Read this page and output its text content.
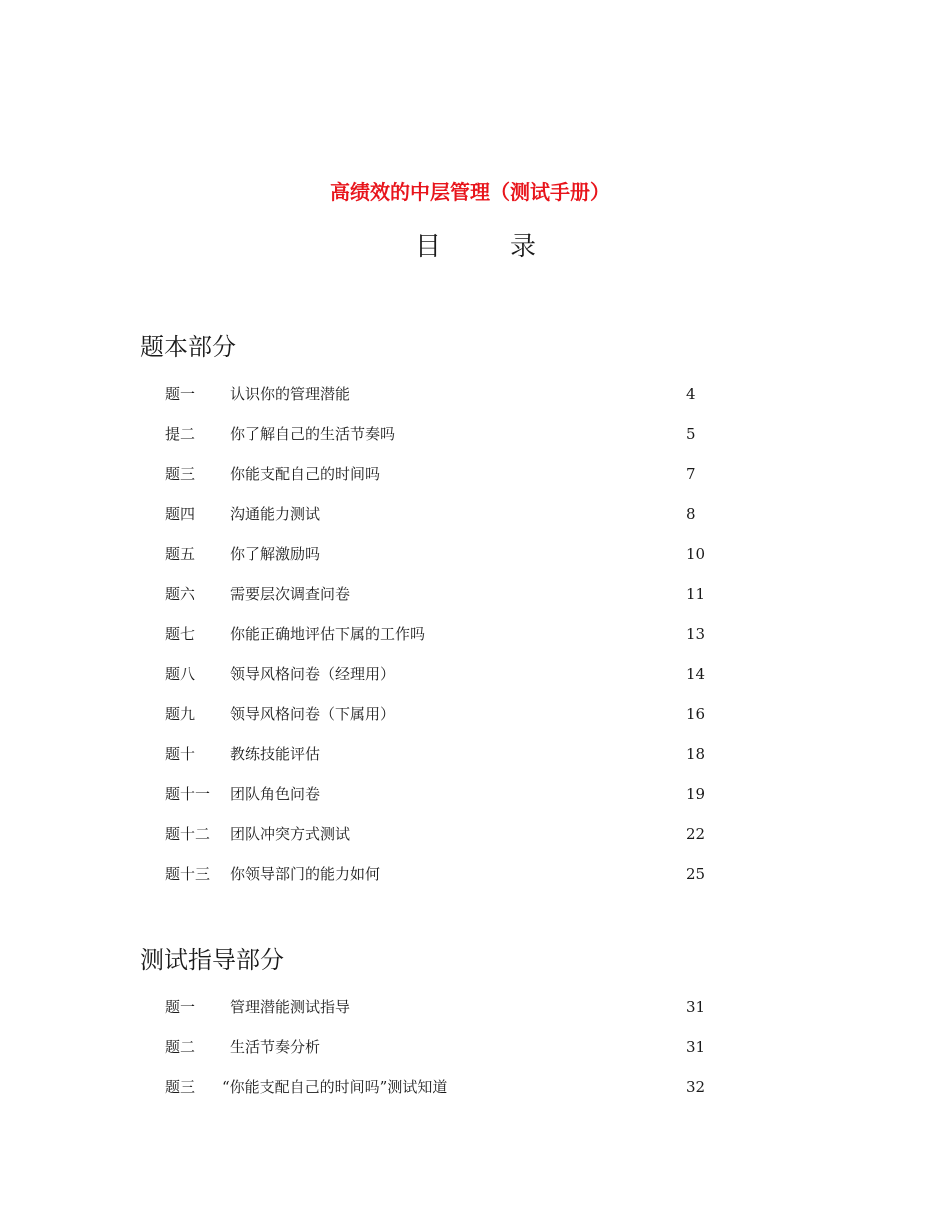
高绩效的中层管理（测试手册）
目	录
题本部分
题一 认识你的管理潜能	4
提二 你了解自己的生活节奏吗	5
题三 你能支配自己的时间吗	7
题四 沟通能力测试	8
题五 你了解激励吗	10
题六 需要层次调查问卷	11
题七 你能正确地评估下属的工作吗	13
题八 领导风格问卷（经理用）	14
题九 领导风格问卷（下属用）	16
题十 教练技能评估	18
题十一 团队角色问卷	19
题十二 团队冲突方式测试	22
题十三 你领导部门的能力如何	25
测试指导部分
题一 管理潜能测试指导	31
题二 生活节奏分析	31
题三 “你能支配自己的时间吗”测试知道	32
